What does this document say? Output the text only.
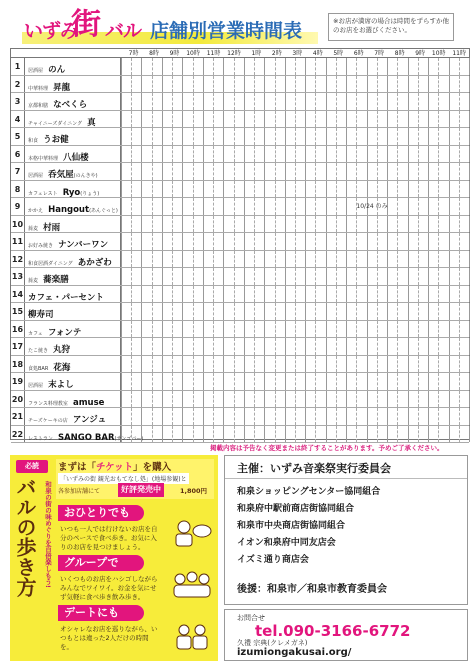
いずみ
街 バル 店舗別営業時間表	※お店が満席の場合は時間をずらすか他のお店をお選びください。
7時	8時	9時	10時	11時	12時	1時	2時	3時	4時	5時	6時	7時	8時	9時	10時	11時
1	居酒屋 のん
2	中華料理 昇龍
3	京都和膳 なべくら
4	チャイニーズダイニング 真
5	和食 うお健
6	本格中華料理 八仙楼
7	居酒屋 呑気屋(のんきや)
8	カフェレスト Ryo(りょう)
9	かかえ Hangout(あんぐっと)
10/24 のみ
10 蕎麦 村雨
11 お好み焼き ナンバーワン
12 和食居酒ダイニング あかざわ
13 蕎麦 蕎楽膳
14 カフェ・パーセント
15 柳寿司
16 カフェ フォンテ
17 たこ焼き 丸狩
18 食処BAR 花海
19 居酒屋 末よし
20 フランス料理教室 amuse
21 チーズケーキの店 アンジュ
22 レストラン SANGO BAR(サンゴバー)
掲載内容は予告なく変更または終了することがあります。予めご了承ください。
必読
バルの歩き方	和泉の街の味めぐりを百倍楽しもう!
まずは「チケット」を購入
「いずみの街 観光おもてなし処」(地場参観)と
各参加店舗にて	好評発売中	1,800円
おひとりでも
いつも一人では行けないお店を自分のペースで食べ歩き。お気に入りのお店を見つけましょう。
グループで
いくつものお店をハシゴしながらみんなでワイワイ。お金を気にせず気軽に食べ歩き飲み歩き。
デートにも
オシャレなお店を巡りながら、いつもとは違った2人だけの時間を。
主催：いずみ音楽祭実行委員会
和泉ショッピングセンター協同組合
和泉府中駅前商店街協同組合
和泉市中央商店街協同組合
イオン和泉府中同友店会
イズミ通り商店会
後援：和泉市／和泉市教育委員会
お問合せ
tel.090-3166-6772
久禮 宗典(クレメガネ)
izumiongakusai.org/
